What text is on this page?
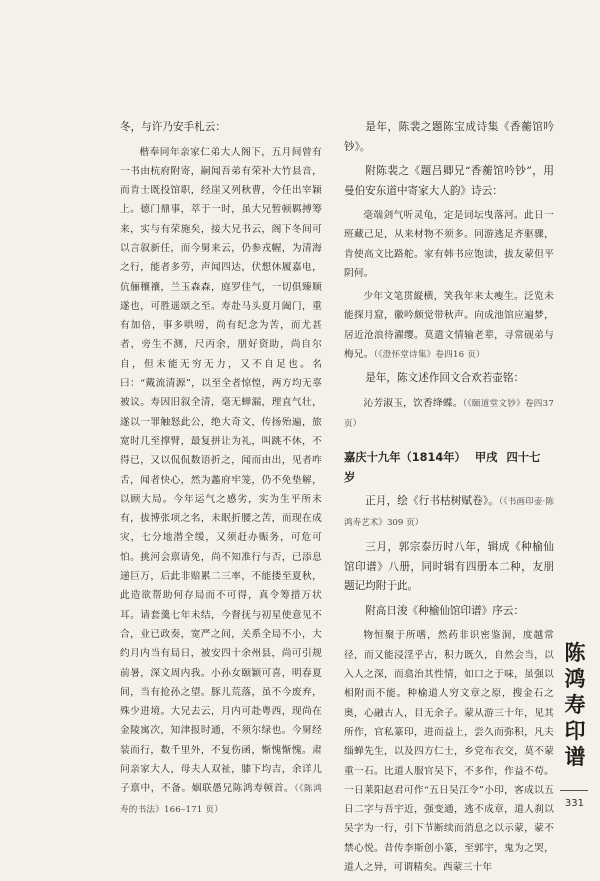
冬，与许乃安手札云：

楷奉同年亲家仁弟大人阁下，五月间曾有一书由杭府附寄，嗣闻吾弟有荣补大竹县音，而肯士既投馆职，经崖又列秋曹，令任出宰颖上。德门鼎事，萃于一时，虽大兄暂顿羁搏筹来，实与有荣施矣，接大兄书云，阁下冬间可以言叙新任，而今舅来云，仍参戎幄，为清海之行，能者多劳，声闻四达，伏想休履嘉电，伉俪穰禳，兰玉森森，庭罗佳气，一切俱臻顺遂也，可胜遥颂之至。寿赴马头夏月阖门，重有加倍，事多哄唠，尚有纪念为苦，而尤甚者，旁生不测，尺丙余，朋好资助，尚自尔自，但未能无穷无力，又不自足也。名曰：“戴流清源”，以至全者惊惶，两方均无辜被议。寿因旧叙全清，毫无蝉漏，理直气壮，遂以一罪触怒此公，绝大奇文，传扬殆遍，旅宽时几至撑臂，最复拼让为礼，叫跳不休，不得已，又以侃侃数语折之，闻而由出，见者咋舌，闻者快心，然为蠡府牢笼，仍不免垫解，以顾大局。今年运气之感劣，实为生平所未有，拔博张项之名，未眠折腰之苦，而现在成灾，七分地潜全缓，又须赶办赈务，可危可怕。挑河会禀请免，尚不知准行与否，已添息递巨万，后此非赔累二三率，不能搂至夏秋，此造欲帮助何存局而不可得，真令筹措万状耳。请套羹七年未结，今督抚与初星使意见不合，业已政奏，宽严之间，关系全局不小，大约月内当有局日，被安四十余州县，尚可引规前暑，深文周内我。小孙女颐颖可喜，明春夏间，当有抢孙之望。豚儿荒落，虽不今废弃，殊少进境。大兄去云，月内可赴粤西，现尚在金陵寓次，知津报时通，不须尔绿也。今舅经装而行，数千里外，不复伤函，惭愧惭愧。肃问亲家大人，母夫人双祉，膝下均吉，余详儿子禀中，不备。姻联愚兄陈鸿寿顿首。（《陈鸿寿的书法》166–171 页）

是年，陈裴之題陈宝成诗集《香蘅馆吟钞》。

附陈裴之《题吕卿兄“香蘅馆吟钞”，用曼伯安东道中寄家大人韵》诗云：

毫端剑气听灵龟，定是词坛曳落河。此日一班藏己足，从来材物不须多。同游逃足齐驱骤，肯使高文比路舵。家有韩书应饱读，拔友蒙但平阴何。

少年文笔贯縦横，笑我年来太瘦生。泛览未能探月窟，徽吟颇觉带秋声。向成池馆应遍梦，居近沧浪待濯缨。莫遣文情输老辈，寻常砚弟与梅兄。（《澄怀堂诗集》卷四16 页）

是年，陈文述作回文合欢若壶铭：

沁芳淑玉，饮香绛蝶。（《颐道堂文钞》卷四37页）

嘉庆十九年（1814年） 甲戌 四十七岁

正月，绘《行书枯树赋卷》。（《书画印壶·陈鸿寿艺术》309 页）

三月，郭宗泰历时八年，辑成《种榆仙馆印谱》八册，同时辑有四册本二种，友朋题记均附于此。

附高日浚《种榆仙馆印谱》序云：

物恒聚于所嗜，然药非识密鉴洞，度越常径，而又能浸淫乎古，积力既久，自然会当，以入人之深，而翕治其性情，如口之于味，虽强以相附而不能。种榆道人穷文章之原，搜金石之奥，心融古人，目无余子。蒙从游三十年，见其所作，官私篆印，进而益上，尝久而弥积，凡夫缁蝉先生，以及四方仁士，乡党布衣交，莫不蒙重一石。比道人服官吴下，不多作，作益不苟。一日莱阳赵君可作“五日吴江令”小印，客成以五日二字与吾宇近，强变通，逃不成章，道人刹以吴字为一行，引下节断续而消息之以示蒙，蒙不禁心悦。昔传李斯创小篆，至郭宇，鬼为之哭，道人之异，可谓精矣。西蒙三十年

陈
鸿
寿
印
谱
331
